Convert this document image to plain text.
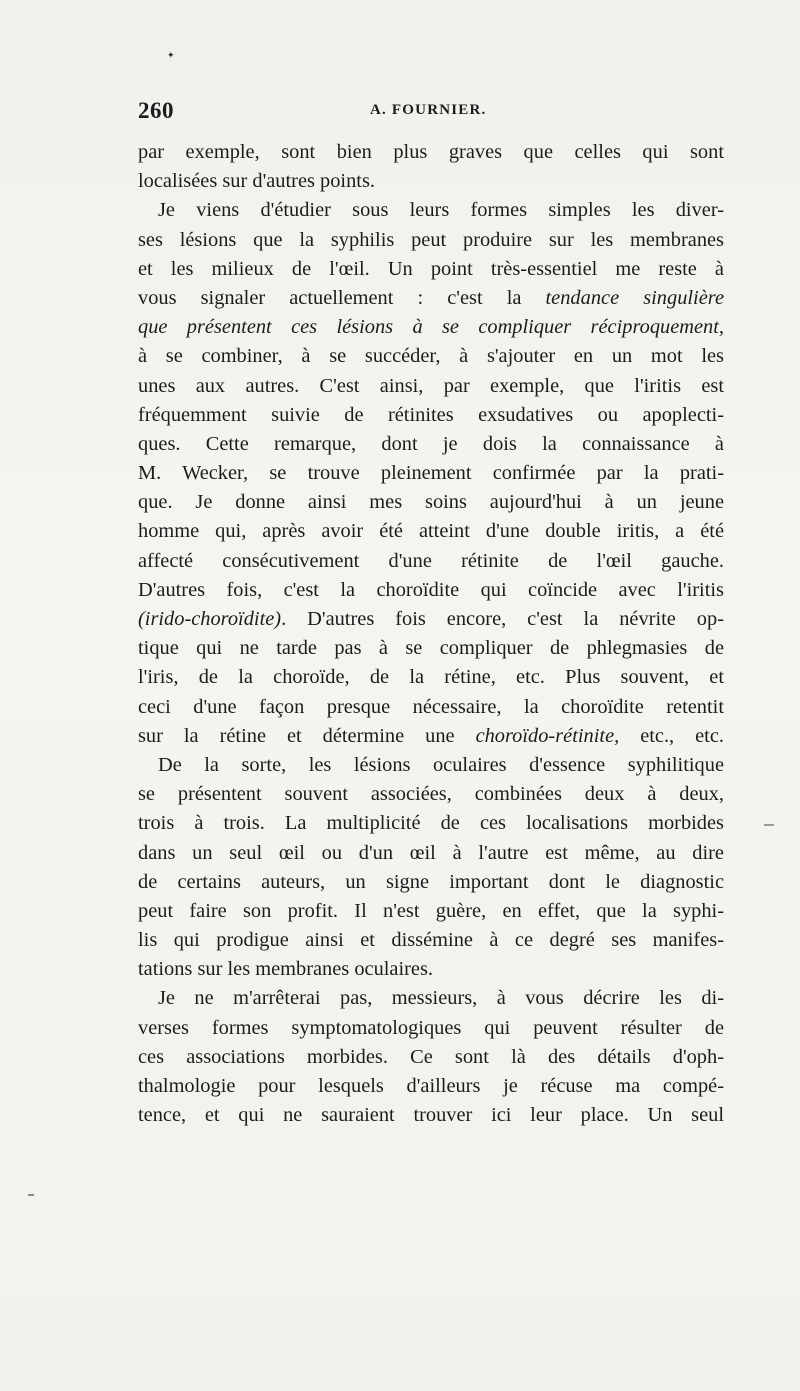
✦
260	A. FOURNIER.
par exemple, sont bien plus graves que celles qui sont
localisées sur d'autres points.
Je viens d'étudier sous leurs formes simples les diver-
ses lésions que la syphilis peut produire sur les membranes
et les milieux de l'œil. Un point très-essentiel me reste à
vous signaler actuellement : c'est la tendance singulière
que présentent ces lésions à se compliquer réciproquement,
à se combiner, à se succéder, à s'ajouter en un mot les
unes aux autres. C'est ainsi, par exemple, que l'iritis est
fréquemment suivie de rétinites exsudatives ou apoplecti-
ques. Cette remarque, dont je dois la connaissance à
M. Wecker, se trouve pleinement confirmée par la prati-
que. Je donne ainsi mes soins aujourd'hui à un jeune
homme qui, après avoir été atteint d'une double iritis, a été
affecté consécutivement d'une rétinite de l'œil gauche.
D'autres fois, c'est la choroïdite qui coïncide avec l'iritis
(irido-choroïdite). D'autres fois encore, c'est la névrite op-
tique qui ne tarde pas à se compliquer de phlegmasies de
l'iris, de la choroïde, de la rétine, etc. Plus souvent, et
ceci d'une façon presque nécessaire, la choroïdite retentit
sur la rétine et détermine une choroïdo-rétinite, etc., etc.
De la sorte, les lésions oculaires d'essence syphilitique
se présentent souvent associées, combinées deux à deux,
trois à trois. La multiplicité de ces localisations morbides
dans un seul œil ou d'un œil à l'autre est même, au dire
de certains auteurs, un signe important dont le diagnostic
peut faire son profit. Il n'est guère, en effet, que la syphi-
lis qui prodigue ainsi et dissémine à ce degré ses manifes-
tations sur les membranes oculaires.
Je ne m'arrêterai pas, messieurs, à vous décrire les di-
verses formes symptomatologiques qui peuvent résulter de
ces associations morbides. Ce sont là des détails d'oph-
thalmologie pour lesquels d'ailleurs je récuse ma compé-
tence, et qui ne sauraient trouver ici leur place. Un seul
